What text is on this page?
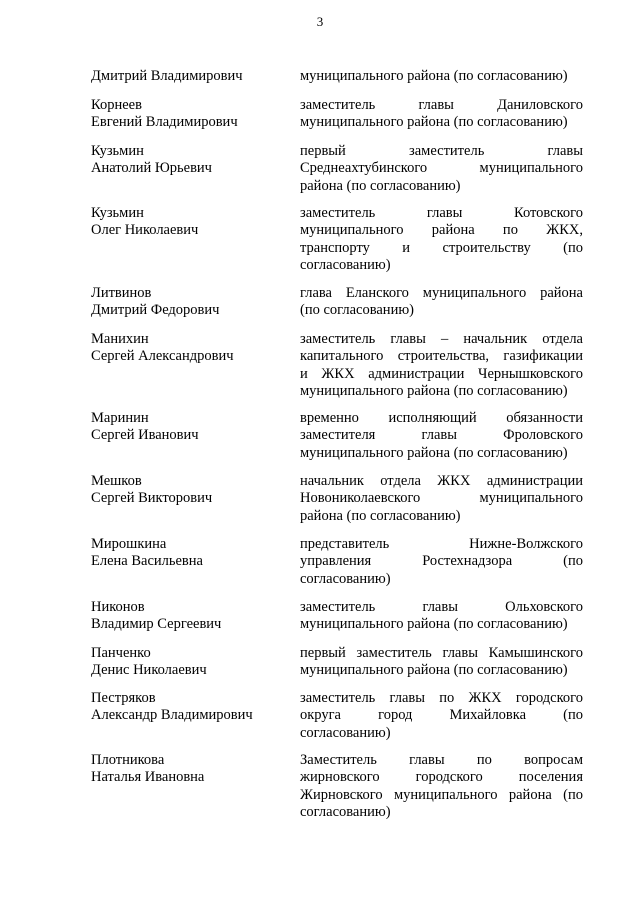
3
Дмитрий Владимирович	муниципального района (по согласованию)
Корнеев
Евгений Владимирович
заместитель главы Даниловского
муниципального района (по согласованию)
Кузьмин
Анатолий Юрьевич
первый заместитель главы
Среднеахтубинского муниципального
района (по согласованию)
Кузьмин
Олег Николаевич
заместитель главы Котовского
муниципального района по ЖКХ,
транспорту и строительству (по
согласованию)
Литвинов
Дмитрий Федорович
глава Еланского муниципального района
(по согласованию)
Манихин
Сергей Александрович
заместитель главы – начальник отдела
капитального строительства, газификации
и ЖКХ администрации Чернышковского
муниципального района (по согласованию)
Маринин
Сергей Иванович
временно исполняющий обязанности
заместителя главы Фроловского
муниципального района (по согласованию)
Мешков
Сергей Викторович
начальник отдела ЖКХ администрации
Новониколаевского муниципального
района (по согласованию)
Мирошкина
Елена Васильевна
представитель Нижне-Волжского
управления Ростехнадзора (по
согласованию)
Никонов
Владимир Сергеевич
заместитель главы Ольховского
муниципального района (по согласованию)
Панченко
Денис Николаевич
первый заместитель главы Камышинского
муниципального района (по согласованию)
Пестряков
Александр Владимирович
заместитель главы по ЖКХ городского
округа город Михайловка (по
согласованию)
Плотникова
Наталья Ивановна
Заместитель главы по вопросам
жирновского городского поселения
Жирновского муниципального района (по
согласованию)
